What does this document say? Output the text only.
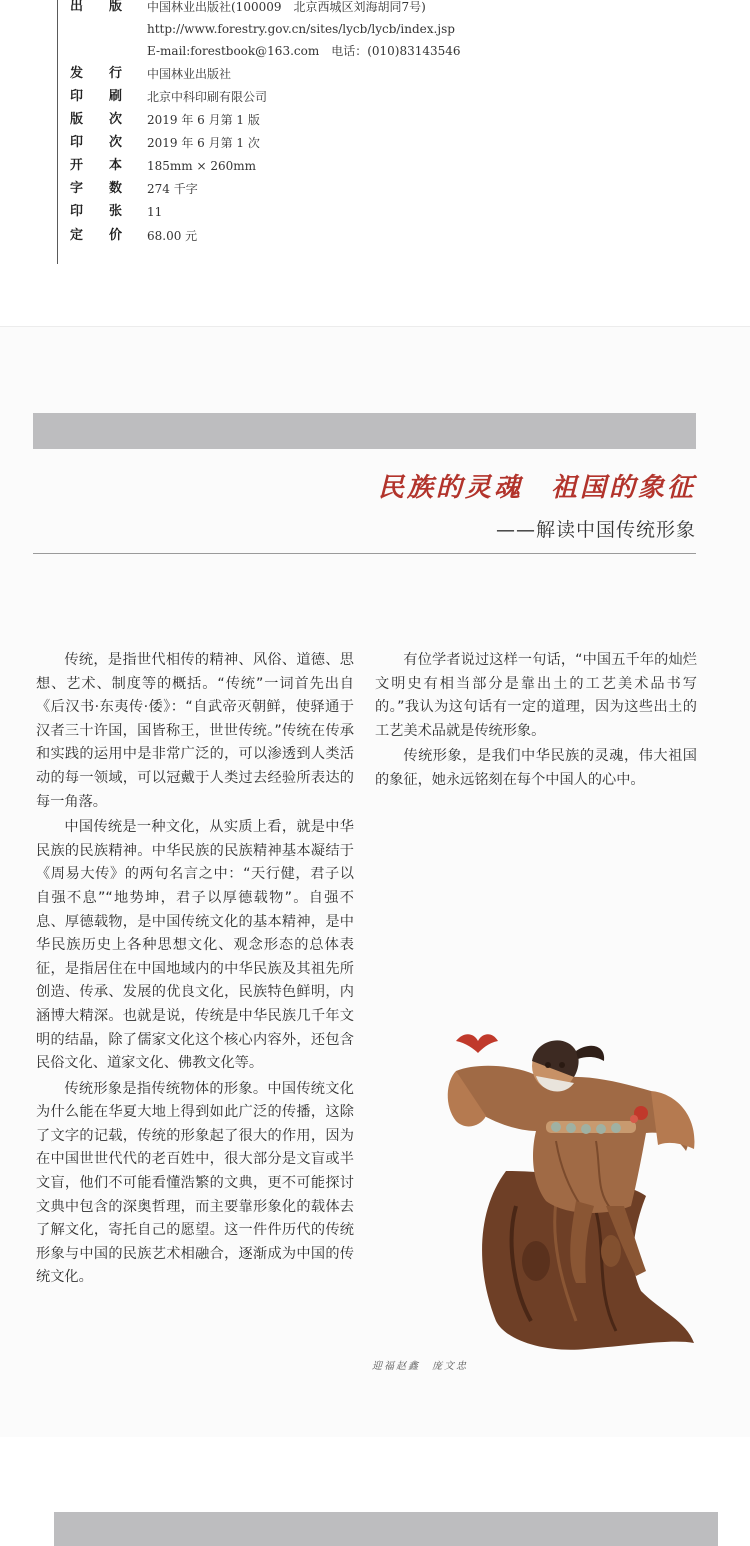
出　　版	中国林业出版社(100009　北京西城区刘海胡同7号)
http://www.forestry.gov.cn/sites/lycb/lycb/index.jsp
E-mail:forestbook@163.com　电话：(010)83143546
发　　行	中国林业出版社
印　　刷	北京中科印刷有限公司
版　　次	2019 年 6 月第 1 版
印　　次	2019 年 6 月第 1 次
开　　本	185mm × 260mm
字　　数	274 千字
印　　张	11
定　　价	68.00 元
民族的灵魂 祖国的象征
——解读中国传统形象

传统，是指世代相传的精神、风俗、道德、思想、艺术、制度等的概括。“传统”一词首先出自《后汉书·东夷传·倭》：“自武帝灭朝鲜，使驿通于汉者三十许国，国皆称王，世世传统。”传统在传承和实践的运用中是非常广泛的，可以渗透到人类活动的每一领域，可以冠戴于人类过去经验所表达的每一角落。

中国传统是一种文化，从实质上看，就是中华民族的民族精神。中华民族的民族精神基本凝结于《周易大传》的两句名言之中：“天行健，君子以自强不息”“地势坤，君子以厚德载物”。自强不息、厚德载物，是中国传统文化的基本精神，是中华民族历史上各种思想文化、观念形态的总体表征，是指居住在中国地域内的中华民族及其祖先所创造、传承、发展的优良文化，民族特色鲜明，内涵博大精深。也就是说，传统是中华民族几千年文明的结晶，除了儒家文化这个核心内容外，还包含民俗文化、道家文化、佛教文化等。

传统形象是指传统物体的形象。中国传统文化为什么能在华夏大地上得到如此广泛的传播，这除了文字的记载，传统的形象起了很大的作用，因为在中国世世代代的老百姓中，很大部分是文盲或半文盲，他们不可能看懂浩繁的文典，更不可能探讨文典中包含的深奥哲理，而主要靠形象化的载体去了解文化，寄托自己的愿望。这一件件历代的传统形象与中国的民族艺术相融合，逐渐成为中国的传统文化。

有位学者说过这样一句话，“中国五千年的灿烂文明史有相当部分是靠出土的工艺美术品书写的。”我认为这句话有一定的道理，因为这些出土的工艺美术品就是传统形象。

传统形象，是我们中华民族的灵魂，伟大祖国的象征，她永远铭刻在每个中国人的心中。

迎福赵鑫　庞文忠
